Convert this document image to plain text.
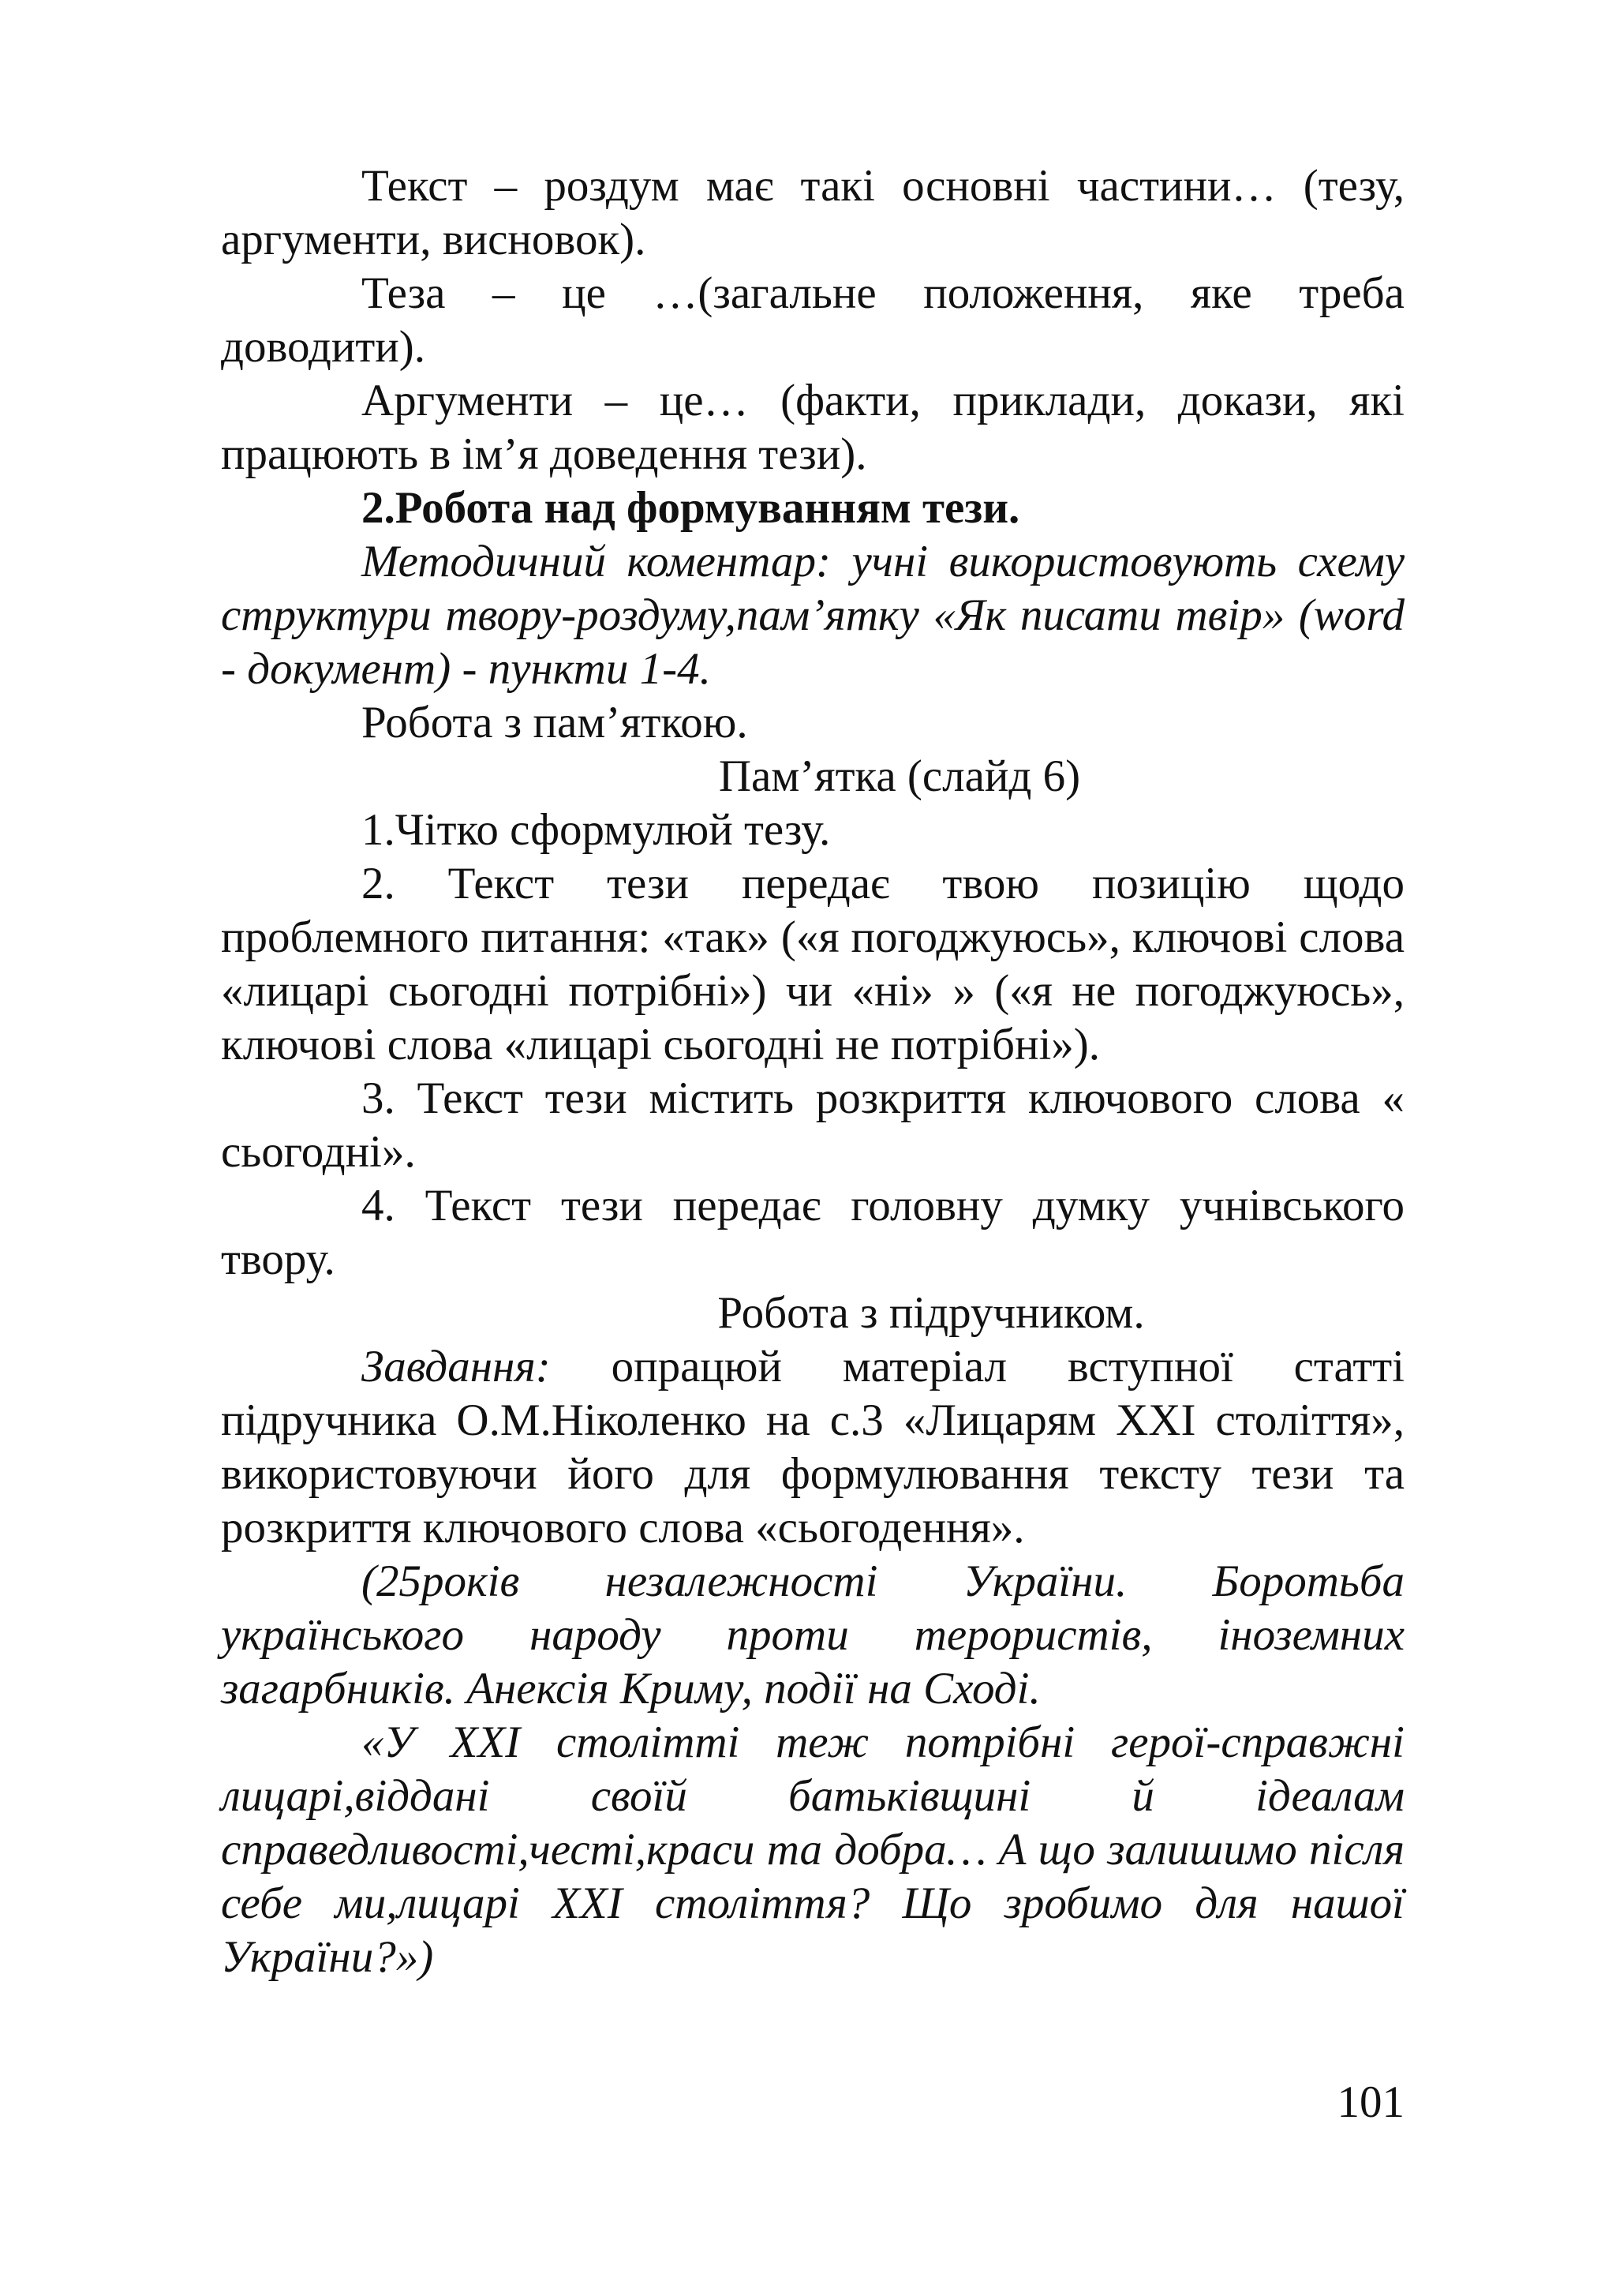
Текст – роздум має такі основні частини… (тезу, аргументи, висновок).

Теза – це …(загальне положення, яке треба доводити).

Аргументи – це… (факти, приклади, докази, які працюють в ім’я доведення тези).

2.Робота над формуванням тези.

Методичний коментар: учні використовують схему структури твору-роздуму,пам’ятку «Як писати твір» (word - документ) - пункти 1-4.

Робота з пам’яткою.

Пам’ятка (слайд 6)

1.Чітко сформулюй тезу.

2. Текст тези передає твою позицію щодо проблемного питання: «так» («я погоджуюсь», ключові слова «лицарі сьогодні потрібні») чи «ні» » («я не погоджуюсь», ключові слова «лицарі сьогодні не потрібні»).

3. Текст тези містить розкриття ключового слова « сьогодні».

4. Текст тези передає головну думку учнівського твору.

Робота з підручником.

Завдання: опрацюй матеріал вступної статті підручника О.М.Ніколенко на с.3 «Лицарям XXI століття», використовуючи його для формулювання тексту тези та розкриття ключового слова «сьогодення».

(25років незалежності України. Боротьба українського народу проти терористів, іноземних загарбників. Анексія Криму, події на Сході.

«У XXI столітті теж потрібні герої-справжні лицарі,віддані своїй батьківщині й ідеалам справедливості,честі,краси та добра… А що залишимо після себе ми,лицарі XXI століття? Що зробимо для нашої України?»)

101
